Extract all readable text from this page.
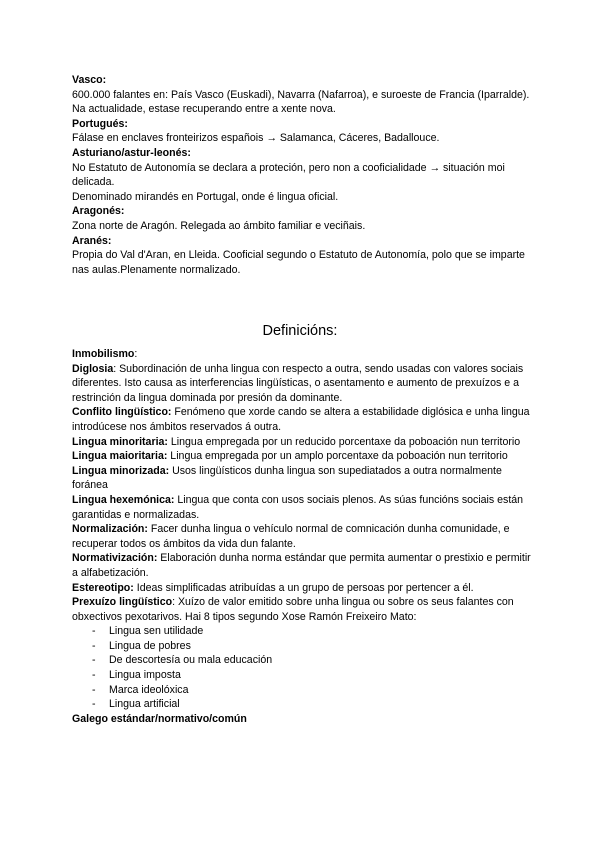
Vasco:

600.000 falantes en: País Vasco (Euskadi), Navarra (Nafarroa), e suroeste de Francia (Iparralde). Na actualidade, estase recuperando entre a xente nova.

Portugués:

Fálase en enclaves fronteirizos españois → Salamanca, Cáceres, Badallouce.

Asturiano/astur-leonés:

No Estatuto de Autonomía se declara a proteción, pero non a cooficialidade → situación moi delicada.

Denominado mirandés en Portugal, onde é lingua oficial.

Aragonés:

Zona norte de Aragón. Relegada ao ámbito familiar e veciñais.

Aranés:

Propia do Val d'Aran, en Lleida. Cooficial segundo o Estatuto de Autonomía, polo que se imparte nas aulas.Plenamente normalizado.

Definicións:

Inmobilismo:

Diglosia: Subordinación de unha lingua con respecto a outra, sendo usadas con valores sociais diferentes. Isto causa as interferencias lingüísticas, o asentamento e aumento de prexuízos e a restrinción da lingua dominada por presión da dominante.

Conflito lingüístico: Fenómeno que xorde cando se altera a estabilidade diglósica e unha lingua introdúcese nos ámbitos reservados á outra.

Lingua minoritaria: Lingua empregada por un reducido porcentaxe da poboación nun territorio

Lingua maioritaria: Lingua empregada por un amplo porcentaxe da poboación nun territorio

Lingua minorizada: Usos lingüísticos dunha lingua son supediatados a outra normalmente foránea

Lingua hexemónica: Lingua que conta con usos sociais plenos. As súas funcións sociais están garantidas e normalizadas.

Normalización: Facer dunha lingua o vehículo normal de comnicación dunha comunidade, e recuperar todos os ámbitos da vida dun falante.

Normativización: Elaboración dunha norma estándar que permita aumentar o prestixio e permitir a alfabetización.

Estereotipo: Ideas simplificadas atribuídas a un grupo de persoas por pertencer a él.

Prexuízo lingüístico: Xuízo de valor emitido sobre unha lingua ou sobre os seus falantes con obxectivos pexotarivos. Hai 8 tipos segundo Xose Ramón Freixeiro Mato:

- Lingua sen utilidade
- Lingua de pobres
- De descortesía ou mala educación
- Lingua imposta
- Marca ideolóxica
- Lingua artificial

Galego estándar/normativo/común
